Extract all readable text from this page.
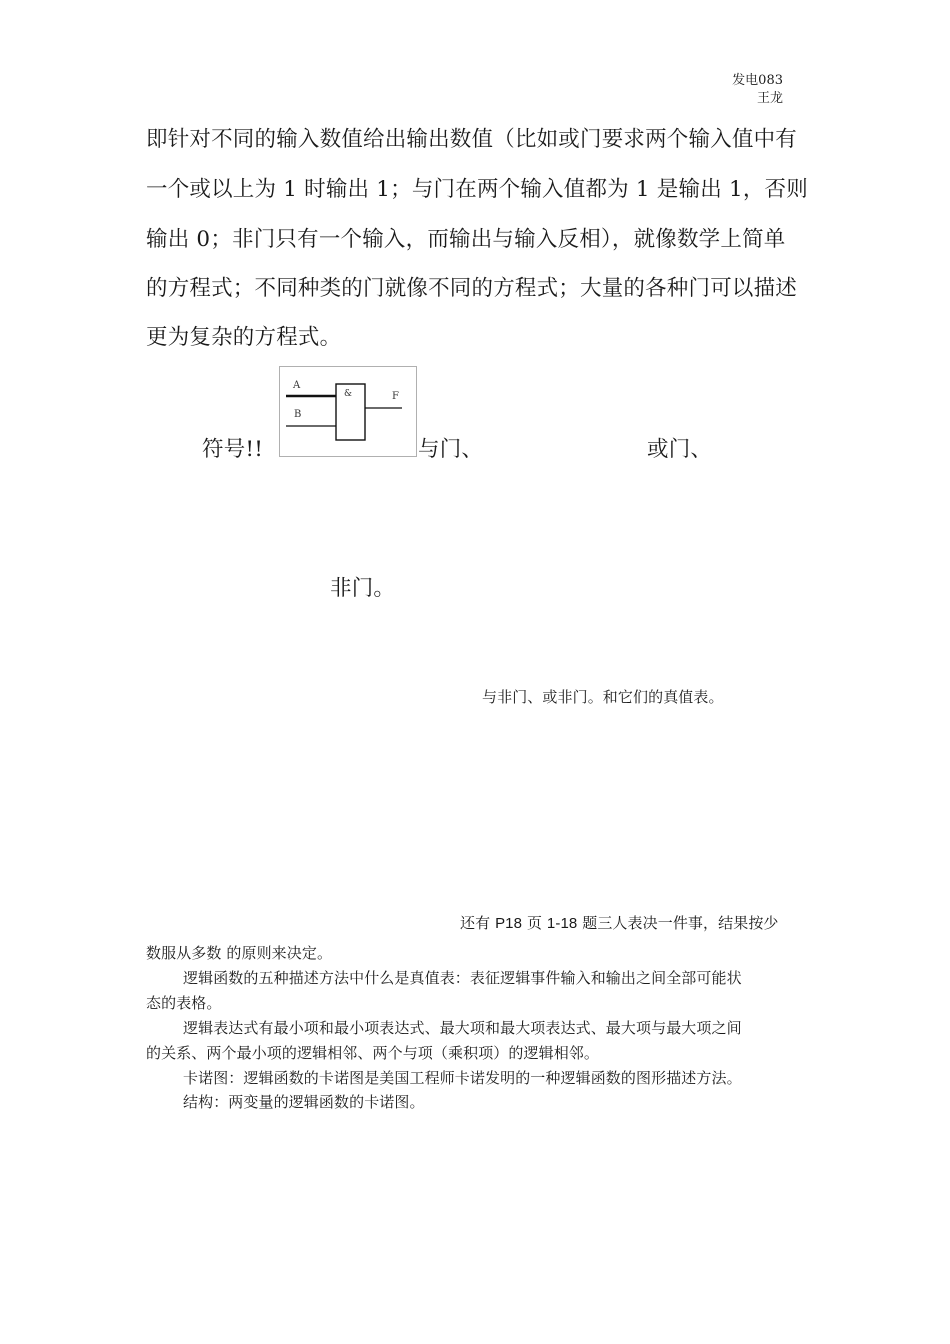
发电083
王龙
即针对不同的输入数值给出输出数值（比如或门要求两个输入值中有
一个或以上为 1 时输出 1；与门在两个输入值都为 1 是输出 1，否则
输出 0；非门只有一个输入，而输出与输入反相），就像数学上简单
的方程式；不同种类的门就像不同的方程式；大量的各种门可以描述
更为复杂的方程式。
符号!!
A
B
&	F
与门、	或门、
非门。
与非门、或非门。和它们的真值表。
还有 P18 页 1-18 题三人表决一件事，结果按少
数服从多数 的原则来决定。
逻辑函数的五种描述方法中什么是真值表：表征逻辑事件输入和输出之间全部可能状
态的表格。
逻辑表达式有最小项和最小项表达式、最大项和最大项表达式、最大项与最大项之间
的关系、两个最小项的逻辑相邻、两个与项（乘积项）的逻辑相邻。
卡诺图：逻辑函数的卡诺图是美国工程师卡诺发明的一种逻辑函数的图形描述方法。
结构：两变量的逻辑函数的卡诺图。
